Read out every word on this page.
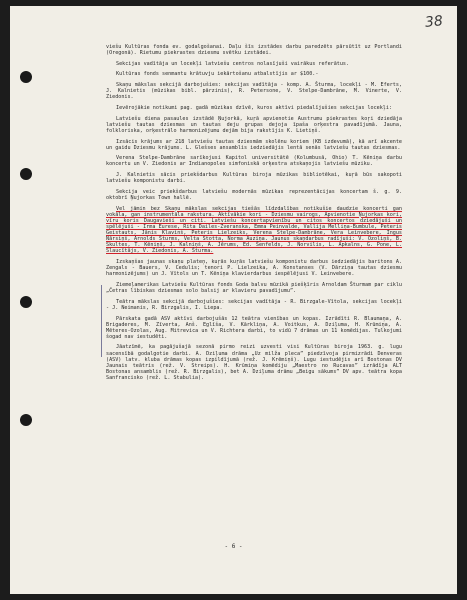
38

viešu Kultūras fonda ev. godalgošanai. Daļu šīs izstādes darbu paredzēts pārsūtīt uz Portlandi (Oregonā). Rietumu piekrastes dziesmu svētku izstādei.

Sekcijas vadītāja un locekļi latviešu centros nolasījuši vairākus referātus.

Kultūras fonds senmantu krātuvju iekārtošanu atbalstījis ar $100.-

Skaņu mākslas sekcijā darbojušies: sekcijas vadītāja - komp. A. Šturma, locekļi - M. Eferts, J. Kalnietis (mūzikas bibl. pārzinis), R. Petersone, V. Stelpe-Dambrāne, M. Vinerte, V. Ziedonis.

Ievērojākie notikumi pag. gadā mūzikas dzīvē, kuros aktīvi piedalījušies sekcijas locekļi:

Latviešu diena pasaules izstādē Ņujorkā, kuŗā apvienotie Austrumu piekrastes koŗi dziedāja latviešu tautas dziesmas un tautas deju grupas dejoja īpaša orķestra pavadījumā. Jauna, folkloriska, orķestrālo harmonizējumu dejām bija rakstījis K. Lietiņš.

Izsācis krājums ar 218 latviešu tautas dziesmām skolēnu koriem (KB izdevumā), kā arī akcente un gaidu Dziesmu krājums. L. Glešses ansamblis iedziedājis lentā senās latviešu tautas dziesmas.

Verena Stelpe-Dambrāne sarīkojusi Kapitol universitātē (Kolumbusā, Ohio) T. Kēniņa darbu koncertu un V. Ziedonis ar Indianopoles simfoniskā orķestra atskaņojis latviešu mūziku.

J. Kalnietis sācis priekšdarbus Kultūras biroja mūzikas bibliotēkai, kuŗā būs sakopoti latviešu komponistu darbi.

Sekcija veic priekšdarbus latviešu modernās mūzikas reprezentācijas koncertam š. g. 9. oktobrī Ņujorkas Town hallē.

Vel jāmin bez Skaņu mākslas sekcijas tiešās līdzdalības notikušie daudzie koncerti gan vokāla, gan instrumentāla rakstura. Aktīvākie kori - Dziesmu vairogs, Apvienotie Ņujorkas kori, vīru koris Daugavieši un citi. Latviešu koncertapvienību un citos koncertos dziedājuši un spēlējuši - Irma Eurese, Rita Dailes-Zveranska, Emma Peinvalde, Vallija Melliņa-Bumbule, Peteris Geistauts, Jānis Klavinš, Peteris Lielzeiks, Verena Stelpe-Dambrāne, Vera Leinvebere, Ingus Nārsiņš, Arnolds Šturms, Velta Stotta, Norma Auziņa. Jaunus skaņdarbus radījuši: V. Ozoliņš, B. Skultes, T. Kēniņš, J. Kalniņš, A. Jērums, Ed. Šenfelds, J. Norvilis, L. Apkalns, G. Pone, L. Slaucītājs, V. Ziedonis, A. Šturma.

Izskaņšas jaunas skaņu plateņ, kuŗās kuŗās latviešu komponistu darbus iedziedājis baritons A. Zengals - Bauers, V. Cedulis; tenori P. Lielzeika, A. Konstanses (V. Dārziņa tautas dziesmu harmonizējums) un J. Vītols un T. Kēniņa klavierdarbus iespēlējusi V. Leinvebere.

Ziemeļamerikas Latviešu Kultūras fonds Goda balvu mūzikā piešķīris Arnoldam Šturmam par ciklu „Četras lībiskas dziesmas solo balsij ar klavieru pavadījumu”.

Teātra mākslas sekcijā darbojušies: sekcijas vadītāja - R. Birzgale-Vītola, sekcijas locekļi - J. Neimanis, R. Birzgalis, I. Liepa.

Pārskata gadā ASV aktīvi darbojušās 12 teātra vienības un kopas. Izrādīti R. Blaumaņa, A. Brigaderes, M. Zīverta, Anš. Eglīša, V. Kārkliņa, A. Voitkus, A. Dziļuma, H. Krūmiņa, A. Mēteres-Ozolas, Aug. Mitrevica un V. Richtera darbi, to vidū 7 drāmas un 11 komēdijas. Tulkojumi šogad nav iestudēti.

Jāatzīmē, ka pagājušajā sezonā pirmo reizi uzvesti visi Kultūras biroja 1963. g. lugu sacensībā godalgotie darbi. A. Dziļuma drāma „Uz milža pleca” piedzīvoja pirmizrādi Denveras (ASV) latv. kluba drāmas kopas izpildījumā (rež. J. Krēmiņš). Lugu iestudējis arī Bostonas DV Jaunais teātris (rež. V. Streips). H. Krūmiņa komēdiju „Maestro no Rucavas” izrādīja ALT Bostonas ansamblis (rež. R. Birzgalis), bet A. Dziļuma drāmu „Beigu sākums” DV apv. teātra kopa Sanfrancisko (rež. L. Stabulia).

- 6 -
